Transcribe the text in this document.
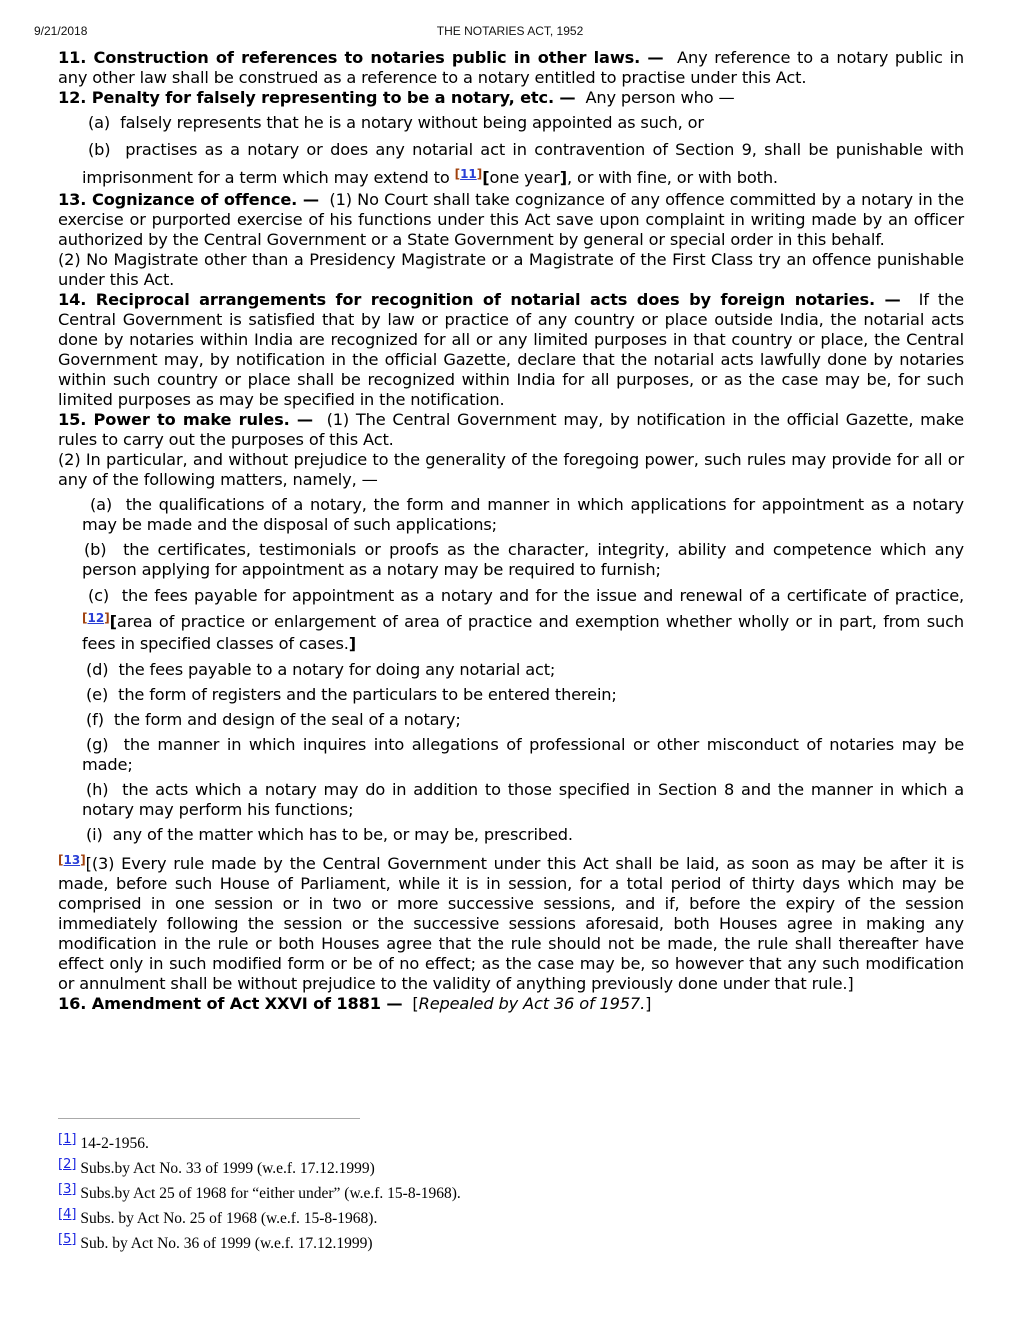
9/21/2018	THE NOTARIES ACT, 1952

11. Construction of references to notaries public in other laws. — Any reference to a notary public in any other law shall be construed as a reference to a notary entitled to practise under this Act.

12. Penalty for falsely representing to be a notary, etc. — Any person who —

(a)  falsely represents that he is a notary without being appointed as such, or

(b)  practises as a notary or does any notarial act in contravention of Section 9, shall be punishable with imprisonment for a term which may extend to [11][one year], or with fine, or with both.

13. Cognizance of offence. — (1) No Court shall take cognizance of any offence committed by a notary in the exercise or purported exercise of his functions under this Act save upon complaint in writing made by an officer authorized by the Central Government or a State Government by general or special order in this behalf.

(2) No Magistrate other than a Presidency Magistrate or a Magistrate of the First Class try an offence punishable under this Act.

14. Reciprocal arrangements for recognition of notarial acts does by foreign notaries. — If the Central Government is satisfied that by law or practice of any country or place outside India, the notarial acts done by notaries within India are recognized for all or any limited purposes in that country or place, the Central Government may, by notification in the official Gazette, declare that the notarial acts lawfully done by notaries within such country or place shall be recognized within India for all purposes, or as the case may be, for such limited purposes as may be specified in the notification.

15. Power to make rules. — (1) The Central Government may, by notification in the official Gazette, make rules to carry out the purposes of this Act.

(2) In particular, and without prejudice to the generality of the foregoing power, such rules may provide for all or any of the following matters, namely, —

(a)  the qualifications of a notary, the form and manner in which applications for appointment as a notary may be made and the disposal of such applications;

(b)  the certificates, testimonials or proofs as the character, integrity, ability and competence which any person applying for appointment as a notary may be required to furnish;

(c)  the fees payable for appointment as a notary and for the issue and renewal of a certificate of practice, [12][area of practice or enlargement of area of practice and exemption whether wholly or in part, from such fees in specified classes of cases.]

(d)  the fees payable to a notary for doing any notarial act;

(e)  the form of registers and the particulars to be entered therein;

(f)  the form and design of the seal of a notary;

(g)  the manner in which inquires into allegations of professional or other misconduct of notaries may be made;

(h)  the acts which a notary may do in addition to those specified in Section 8 and the manner in which a notary may perform his functions;

(i)  any of the matter which has to be, or may be, prescribed.

[13][(3) Every rule made by the Central Government under this Act shall be laid, as soon as may be after it is made, before such House of Parliament, while it is in session, for a total period of thirty days which may be comprised in one session or in two or more successive sessions, and if, before the expiry of the session immediately following the session or the successive sessions aforesaid, both Houses agree in making any modification in the rule or both Houses agree that the rule should not be made, the rule shall thereafter have effect only in such modified form or be of no effect; as the case may be, so however that any such modification or annulment shall be without prejudice to the validity of anything previously done under that rule.]

16. Amendment of Act XXVI of 1881 —  [Repealed by Act 36 of 1957.]

[1] 14-2-1956.
[2] Subs.by Act No. 33 of 1999 (w.e.f. 17.12.1999)
[3] Subs.by Act 25 of 1968 for “either under” (w.e.f. 15-8-1968).
[4] Subs. by Act No. 25 of 1968 (w.e.f. 15-8-1968).
[5] Sub. by Act No. 36 of 1999 (w.e.f. 17.12.1999)
